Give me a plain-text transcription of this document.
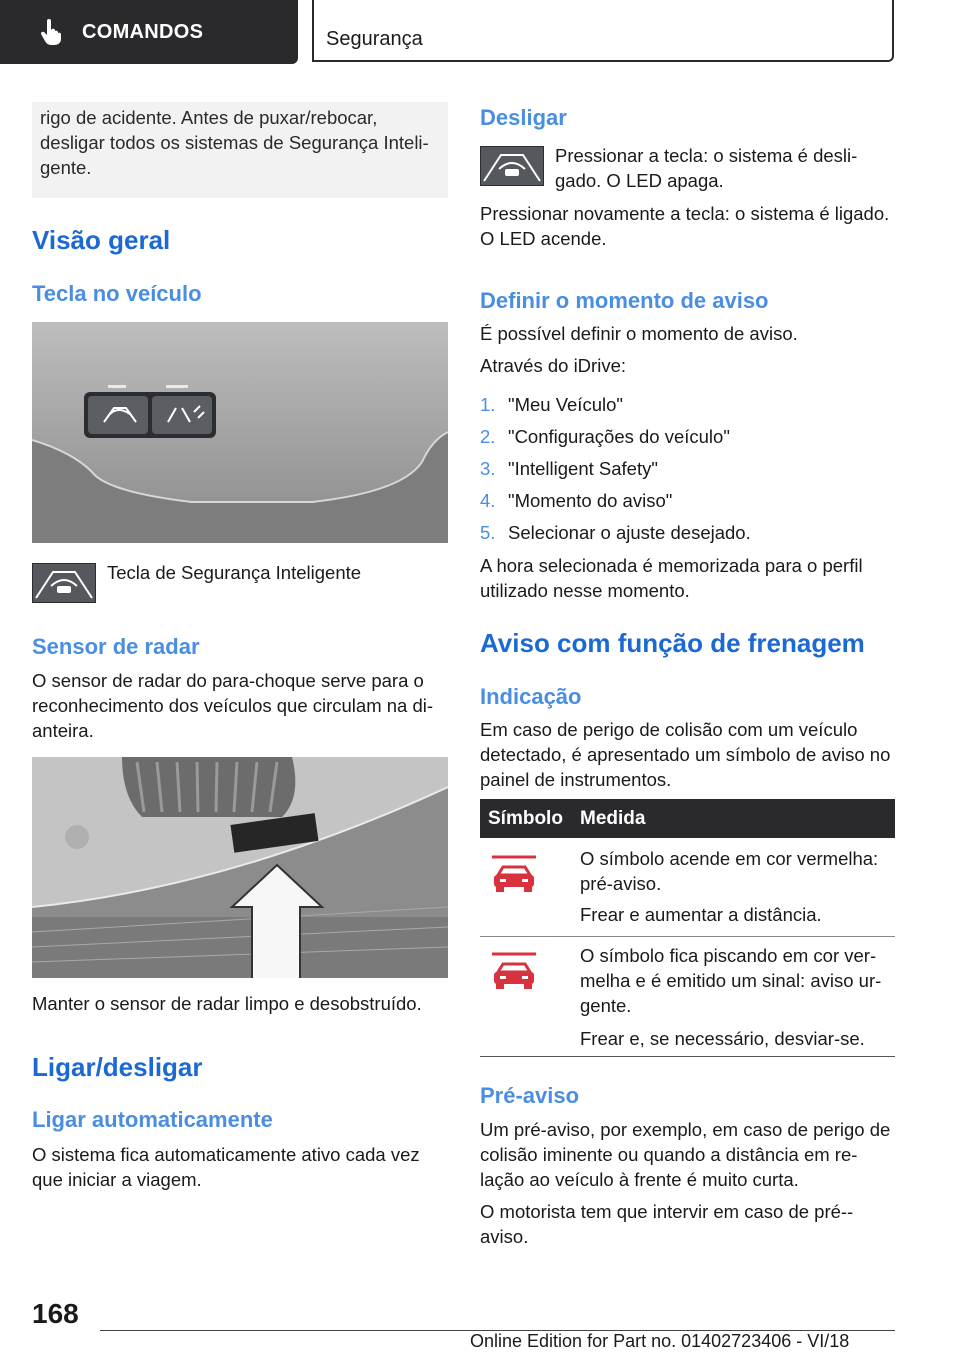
COMANDOS	Segurança
rigo de acidente. Antes de puxar/rebocar, desligar todos os sistemas de Segurança Inteli-gente.
Visão geral
Tecla no veículo

Tecla de Segurança Inteligente

Sensor de radar

O sensor de radar do para-choque serve para o reconhecimento dos veículos que circulam na di-anteira.

Manter o sensor de radar limpo e desobstruído.

Ligar/desligar
Ligar automaticamente

O sistema fica automaticamente ativo cada vez que iniciar a viagem.

Desligar

Pressionar a tecla: o sistema é desli-gado. O LED apaga.

Pressionar novamente a tecla: o sistema é ligado. O LED acende.

Definir o momento de aviso

É possível definir o momento de aviso.

Através do iDrive:

1. "Meu Veículo"
2. "Configurações do veículo"
3. "Intelligent Safety"
4. "Momento do aviso"
5. Selecionar o ajuste desejado.

A hora selecionada é memorizada para o perfil utilizado nesse momento.

Aviso com função de frenagem
Indicação

Em caso de perigo de colisão com um veículo detectado, é apresentado um símbolo de aviso no painel de instrumentos.

Símbolo Medida

O símbolo acende em cor vermelha: pré-aviso.

Frear e aumentar a distância.

O símbolo fica piscando em cor ver-melha e é emitido um sinal: aviso ur-gente.

Frear e, se necessário, desviar-se.

Pré-aviso

Um pré-aviso, por exemplo, em caso de perigo de colisão iminente ou quando a distância em re-lação ao veículo à frente é muito curta.

O motorista tem que intervir em caso de pré--aviso.

168
Online Edition for Part no. 01402723406 - VI/18
